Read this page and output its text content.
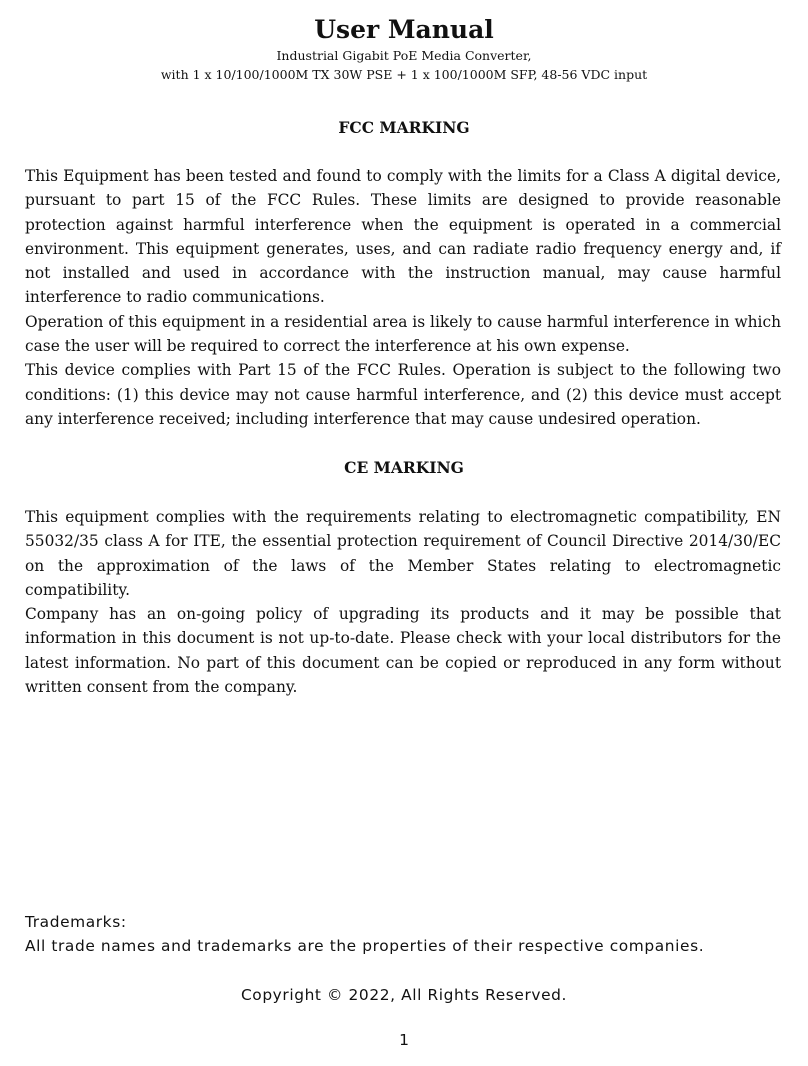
User Manual
Industrial Gigabit PoE Media Converter,
with 1 x 10/100/1000M TX 30W PSE + 1 x 100/1000M SFP, 48-56 VDC input
FCC MARKING

This Equipment has been tested and found to comply with the limits for a Class A digital device, pursuant to part 15 of the FCC Rules. These limits are designed to provide reasonable protection against harmful interference when the equipment is operated in a commercial environment. This equipment generates, uses, and can radiate radio frequency energy and, if not installed and used in accordance with the instruction manual, may cause harmful interference to radio communications.

Operation of this equipment in a residential area is likely to cause harmful interference in which case the user will be required to correct the interference at his own expense.

This device complies with Part 15 of the FCC Rules. Operation is subject to the following two conditions: (1) this device may not cause harmful interference, and (2) this device must accept any interference received; including interference that may cause undesired operation.

CE MARKING

This equipment complies with the requirements relating to electromagnetic compatibility, EN 55032/35 class A for ITE, the essential protection requirement of Council Directive 2014/30/EC on the approximation of the laws of the Member States relating to electromagnetic compatibility.

Company has an on-going policy of upgrading its products and it may be possible that information in this document is not up-to-date. Please check with your local distributors for the latest information. No part of this document can be copied or reproduced in any form without written consent from the company.

Trademarks:

All trade names and trademarks are the properties of their respective companies.

Copyright © 2022, All Rights Reserved.

1
